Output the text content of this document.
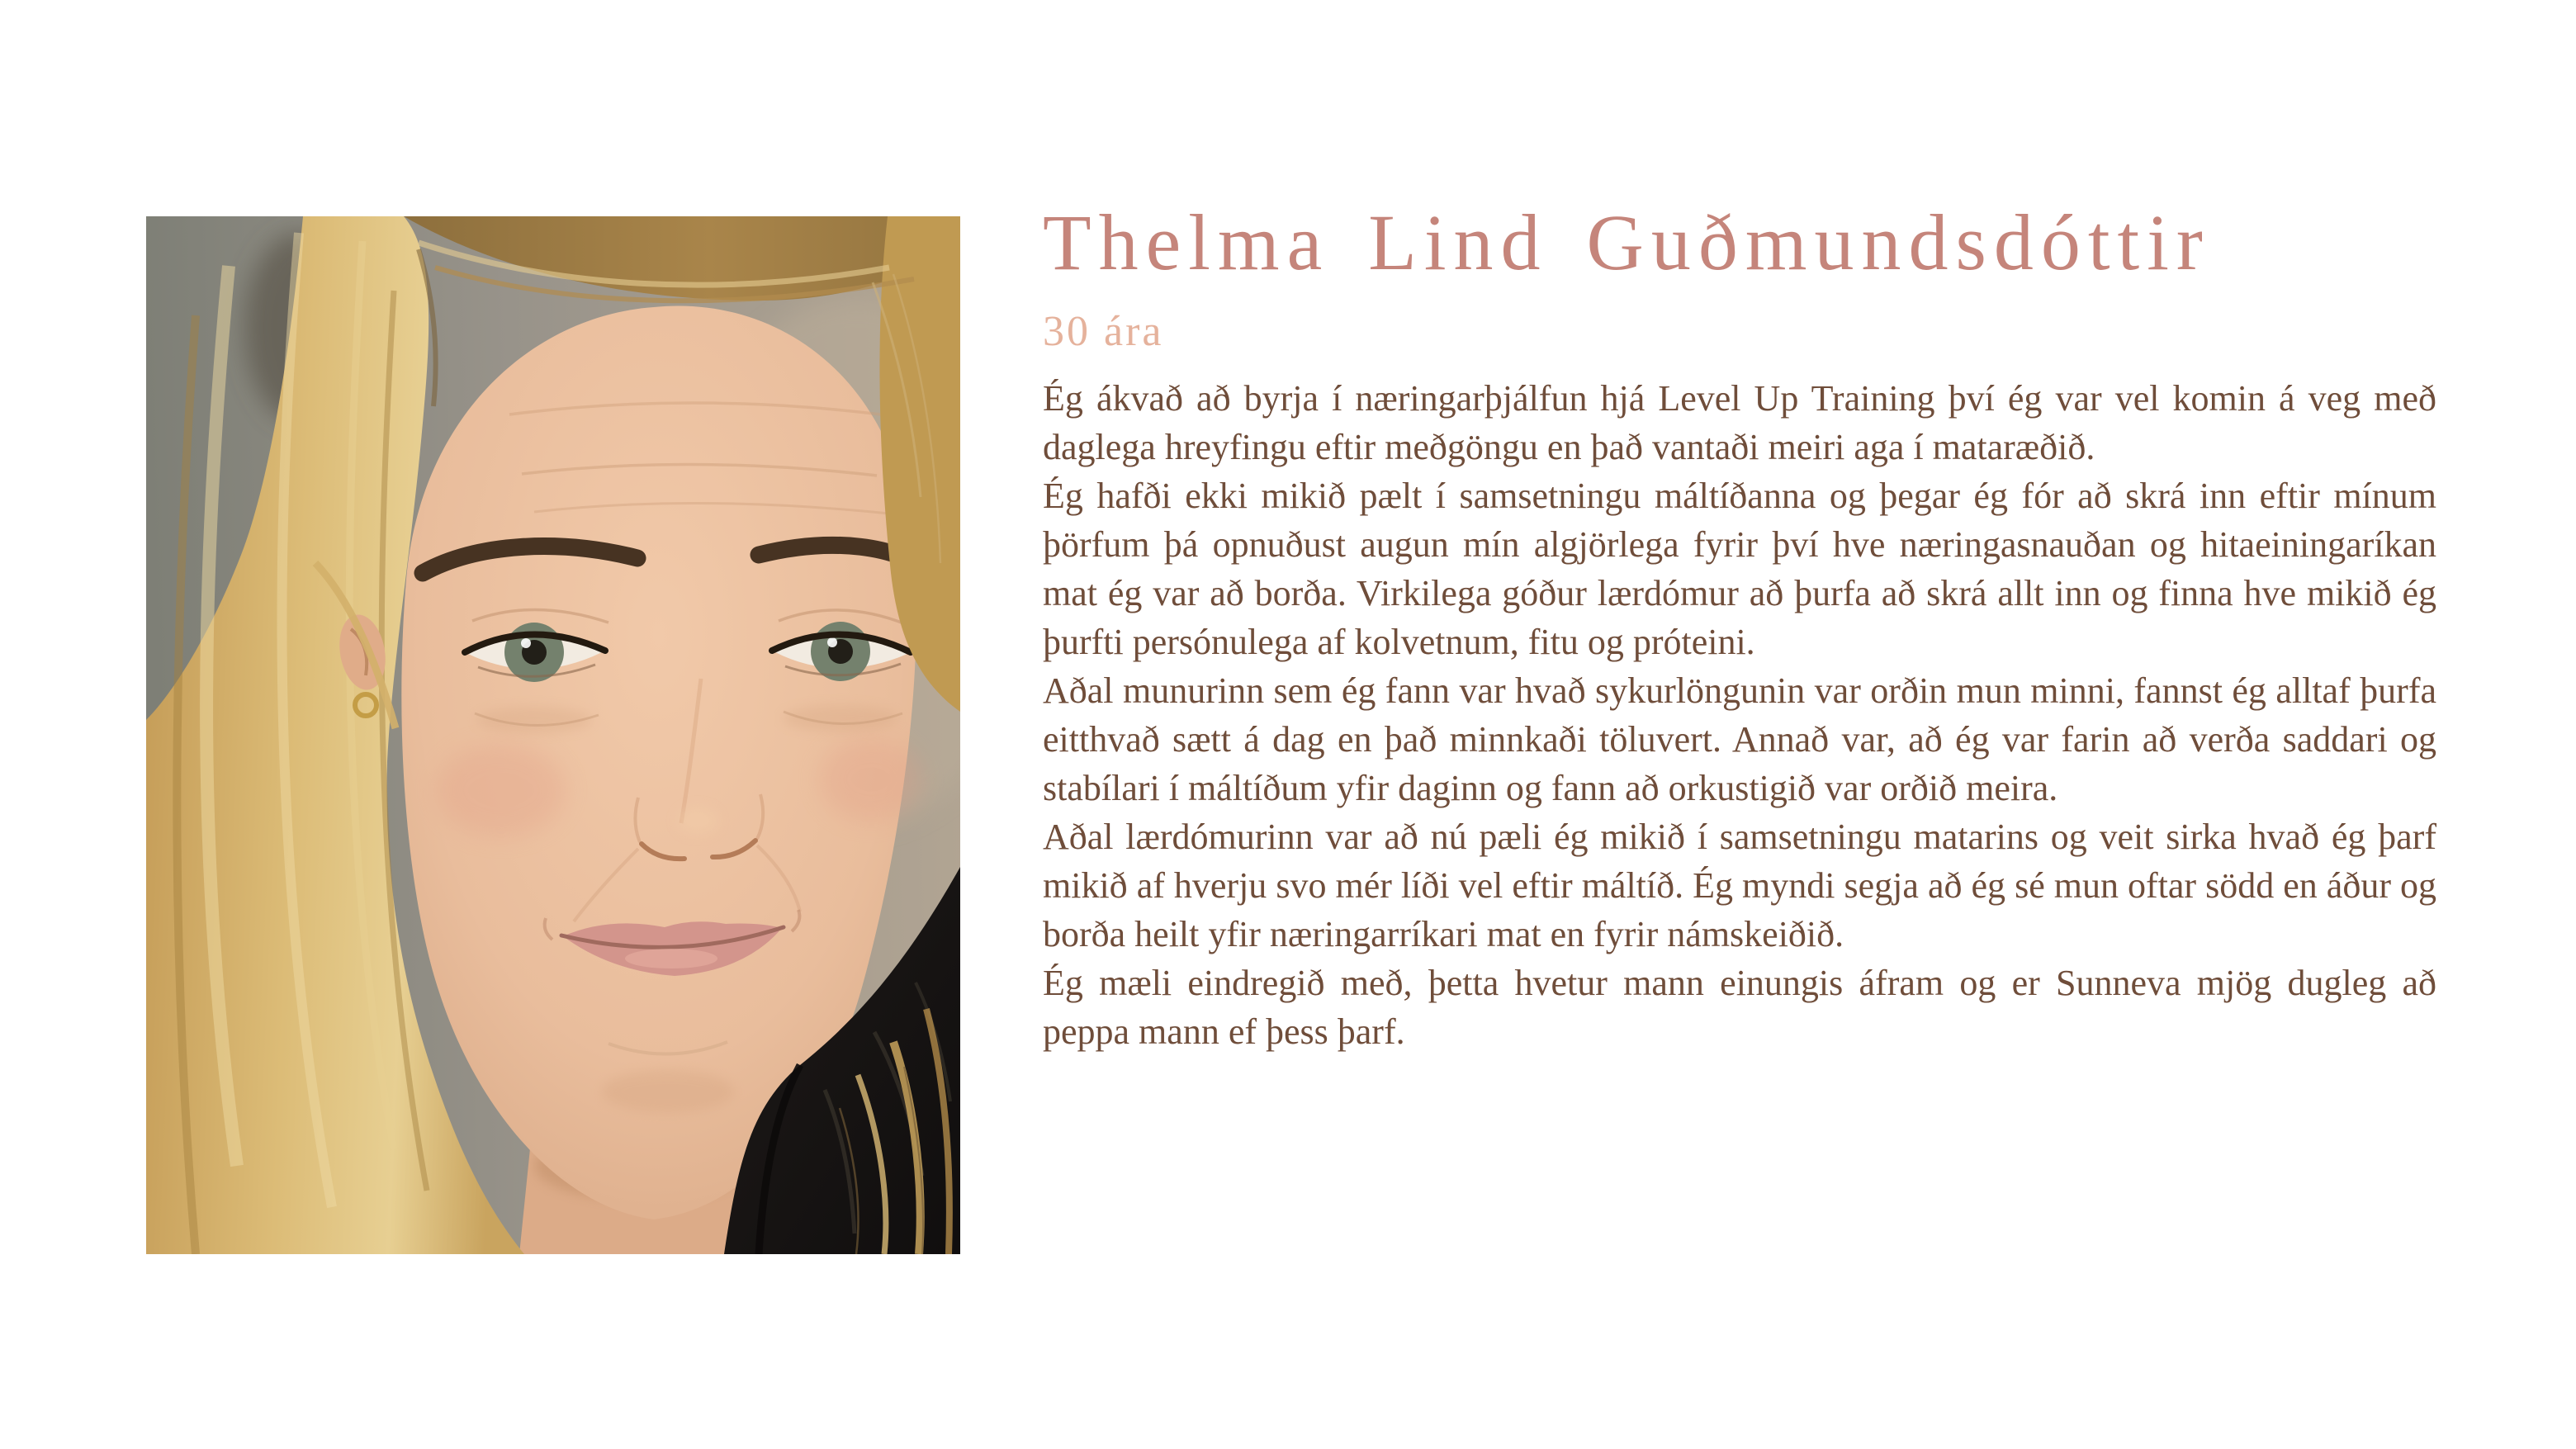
Thelma Lind Guðmundsdóttir
30 ára

Ég ákvað að byrja í næringarþjálfun hjá Level Up Training því ég var vel komin á veg með daglega hreyfingu eftir meðgöngu en það vantaði meiri aga í mataræðið.

Ég hafði ekki mikið pælt í samsetningu máltíðanna og þegar ég fór að skrá inn eftir mínum þörfum þá opnuðust augun mín algjörlega fyrir því hve næringasnauðan og hitaeiningaríkan mat ég var að borða. Virkilega góður lærdómur að þurfa að skrá allt inn og finna hve mikið ég þurfti persónulega af kolvetnum, fitu og próteini.

Aðal munurinn sem ég fann var hvað sykurlöngunin var orðin mun minni, fannst ég alltaf þurfa eitthvað sætt á dag en það minnkaði töluvert. Annað var, að ég var farin að verða saddari og stabílari í máltíðum yfir daginn og fann að orkustigið var orðið meira.

Aðal lærdómurinn var að nú pæli ég mikið í samsetningu matarins og veit sirka hvað ég þarf mikið af hverju svo mér líði vel eftir máltíð. Ég myndi segja að ég sé mun oftar södd en áður og borða heilt yfir næringarríkari mat en fyrir námskeiðið.

Ég mæli eindregið með, þetta hvetur mann einungis áfram og er Sunneva mjög dugleg að peppa mann ef þess þarf.
